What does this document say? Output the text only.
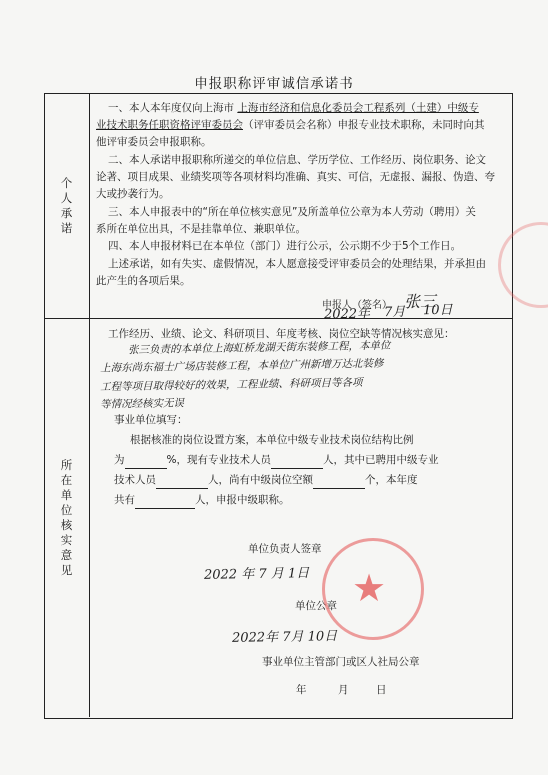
申报职称评审诚信承诺书
个人承诺
所在单位核实意见
一、本人本年度仅向上海市 上海市经济和信息化委员会工程系列（土建）中级专
业技术职务任职资格评审委员会（评审委员会名称）申报专业技术职称，未同时向其
他评审委员会申报职称。
二、本人承诺申报职称所递交的单位信息、学历学位、工作经历、岗位职务、论文
论著、项目成果、业绩奖项等各项材料均准确、真实、可信，无虚报、漏报、伪造、夸
大或抄袭行为。
三、本人申报表中的“所在单位核实意见”及所盖单位公章为本人劳动（聘用）关
系所在单位出具，不是挂靠单位、兼职单位。
四、本人申报材料已在本单位（部门）进行公示，公示期不少于5个工作日。
上述承诺，如有失实、虚假情况，本人愿意接受评审委员会的处理结果，并承担由
此产生的各项后果。
申报人（签名） 张三
2022年 7月 10日
工作经历、业绩、论文、科研项目、年度考核、岗位空缺等情况核实意见：
张三负责的本单位上海虹桥龙湖天街东装修工程，本单位
上海东尚东福士广场店装修工程，本单位广州新增万达北装修
工程等项目取得较好的效果，工程业绩、科研项目等各项
等情况经核实无误
事业单位填写：
根据核准的岗位设置方案，本单位中级专业技术岗位结构比例
为	%，现有专业技术人员	人，其中已聘用中级专业
技术人员	人，尚有中级岗位空额	个，本年度
共有	人，申报中级职称。
单位负责人签章
2022 年 7 月 1日
单位公章
2022年 7月 10日
★
事业单位主管部门或区人社局公章
年	月	日
